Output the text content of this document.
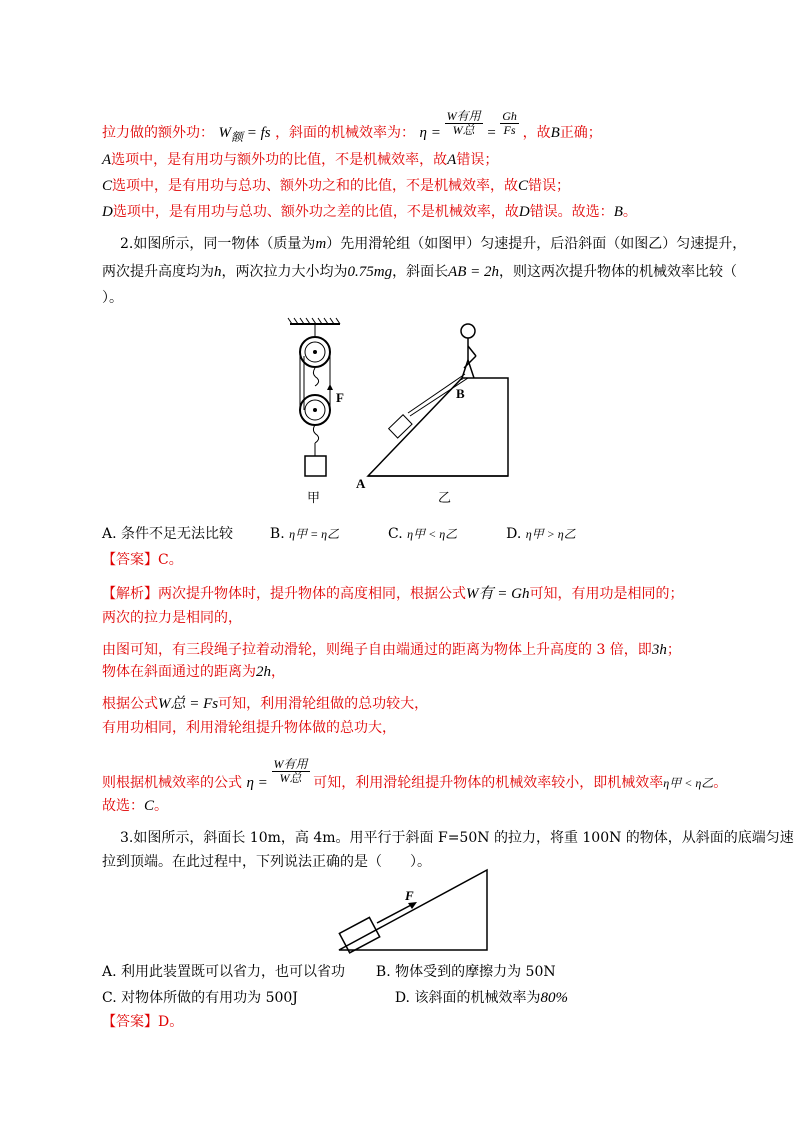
拉力做的额外功： $W_额$ = fs ，斜面的机械效率为： $\eta = \frac{\text{W有用}}{\text{W总}} = \frac{Gh}{Fs}$ ，故B正确；
A选项中，是有用功与额外功的比值，不是机械效率，故A错误；
C选项中，是有用功与总功、额外功之和的比值，不是机械效率，故C错误；
D选项中，是有用功与总功、额外功之差的比值，不是机械效率，故D错误。故选：B。
2.如图所示，同一物体（质量为m）先用滑轮组（如图甲）匀速提升，后沿斜面（如图乙）匀速提升，
两次提升高度均为h，两次拉力大小均为0.75mg，斜面长AB = 2h，则这两次提升物体的机械效率比较（
）。
F
甲
B
A
乙
A. 条件不足无法比较	B. η甲 = η乙	C. η甲 < η乙	D. η甲 > η乙
【答案】C。
【解析】两次提升物体时，提升物体的高度相同，根据公式W有 = Gh可知，有用功是相同的；
两次的拉力是相同的，
由图可知，有三段绳子拉着动滑轮，则绳子自由端通过的距离为物体上升高度的 3 倍，即3h；
物体在斜面通过的距离为2h，
根据公式W总 = Fs可知，利用滑轮组做的总功较大，
有用功相同，利用滑轮组提升物体做的总功大，
则根据机械效率的公式 $\eta = \frac{\text{W有用}}{\text{W总}}$ 可知，利用滑轮组提升物体的机械效率较小，即机械效率η甲 < η乙。
故选：C。
3.如图所示，斜面长 10m，高 4m。用平行于斜面 F=50N 的拉力，将重 100N 的物体，从斜面的底端匀速
拉到顶端。在此过程中，下列说法正确的是（　　）。
F
A. 利用此装置既可以省力，也可以省功 B. 物体受到的摩擦力为 50N
C. 对物体所做的有用功为 500J	D. 该斜面的机械效率为80%
【答案】D。
